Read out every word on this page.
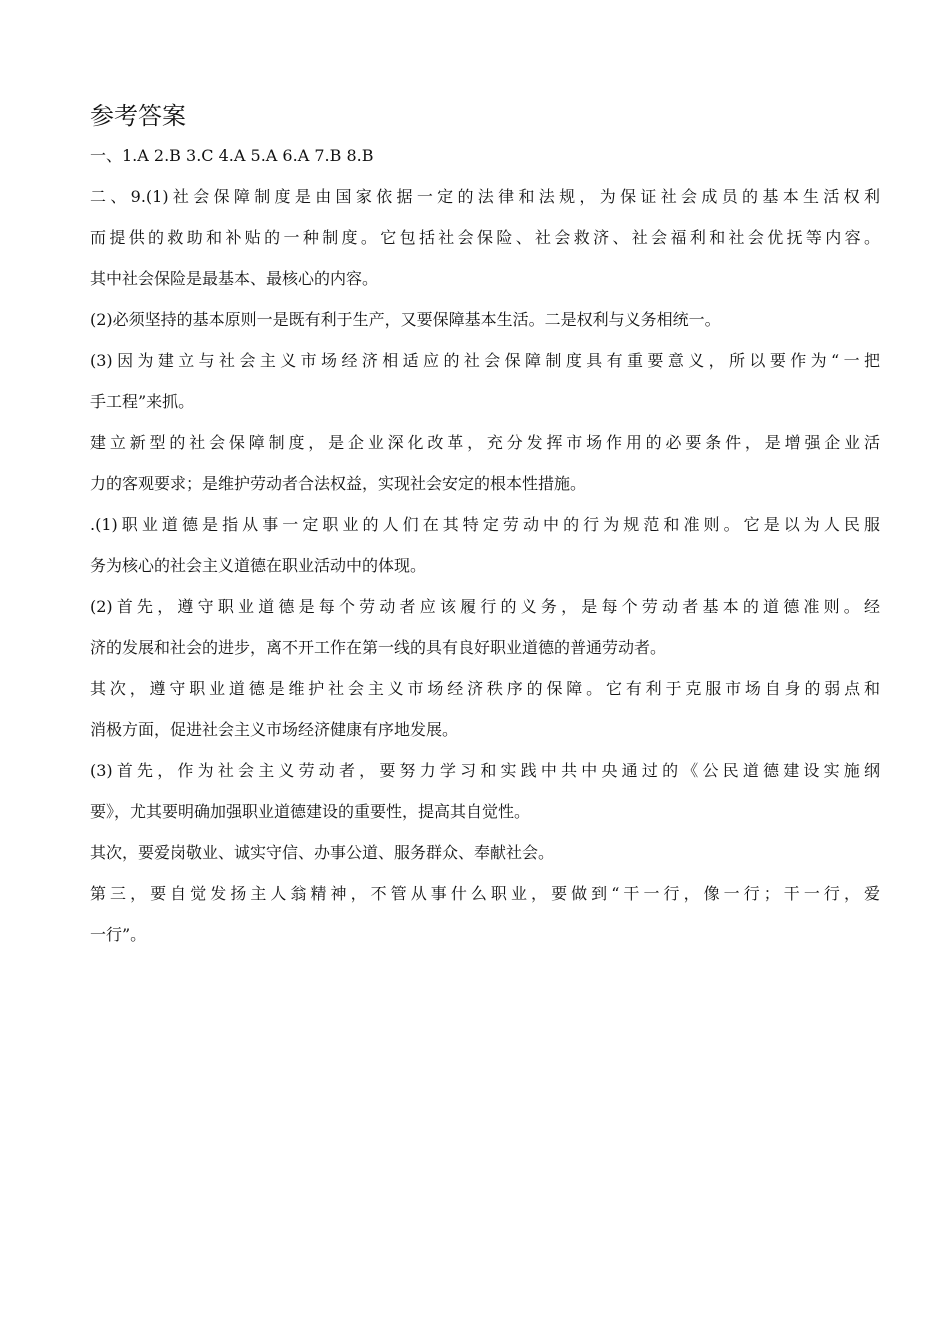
参考答案

一、1.A 2.B 3.C 4.A 5.A 6.A 7.B 8.B

二、9.(1)社会保障制度是由国家依据一定的法律和法规，为保证社会成员的基本生活权利
而提供的救助和补贴的一种制度。它包括社会保险、社会救济、社会福利和社会优抚等内容。
其中社会保险是最基本、最核心的内容。

(2)必须坚持的基本原则一是既有利于生产，又要保障基本生活。二是权利与义务相统一。

(3)因为建立与社会主义市场经济相适应的社会保障制度具有重要意义，所以要作为“一把
手工程”来抓。

建立新型的社会保障制度，是企业深化改革，充分发挥市场作用的必要条件，是增强企业活
力的客观要求；是维护劳动者合法权益，实现社会安定的根本性措施。

.(1)职业道德是指从事一定职业的人们在其特定劳动中的行为规范和准则。它是以为人民服
务为核心的社会主义道德在职业活动中的体现。

(2)首先，遵守职业道德是每个劳动者应该履行的义务，是每个劳动者基本的道德准则。经
济的发展和社会的进步，离不开工作在第一线的具有良好职业道德的普通劳动者。

其次，遵守职业道德是维护社会主义市场经济秩序的保障。它有利于克服市场自身的弱点和
消极方面，促进社会主义市场经济健康有序地发展。

(3)首先，作为社会主义劳动者，要努力学习和实践中共中央通过的《公民道德建设实施纲
要》，尤其要明确加强职业道德建设的重要性，提高其自觉性。

其次，要爱岗敬业、诚实守信、办事公道、服务群众、奉献社会。

第三，要自觉发扬主人翁精神，不管从事什么职业，要做到“干一行，像一行；干一行，爱
一行”。
